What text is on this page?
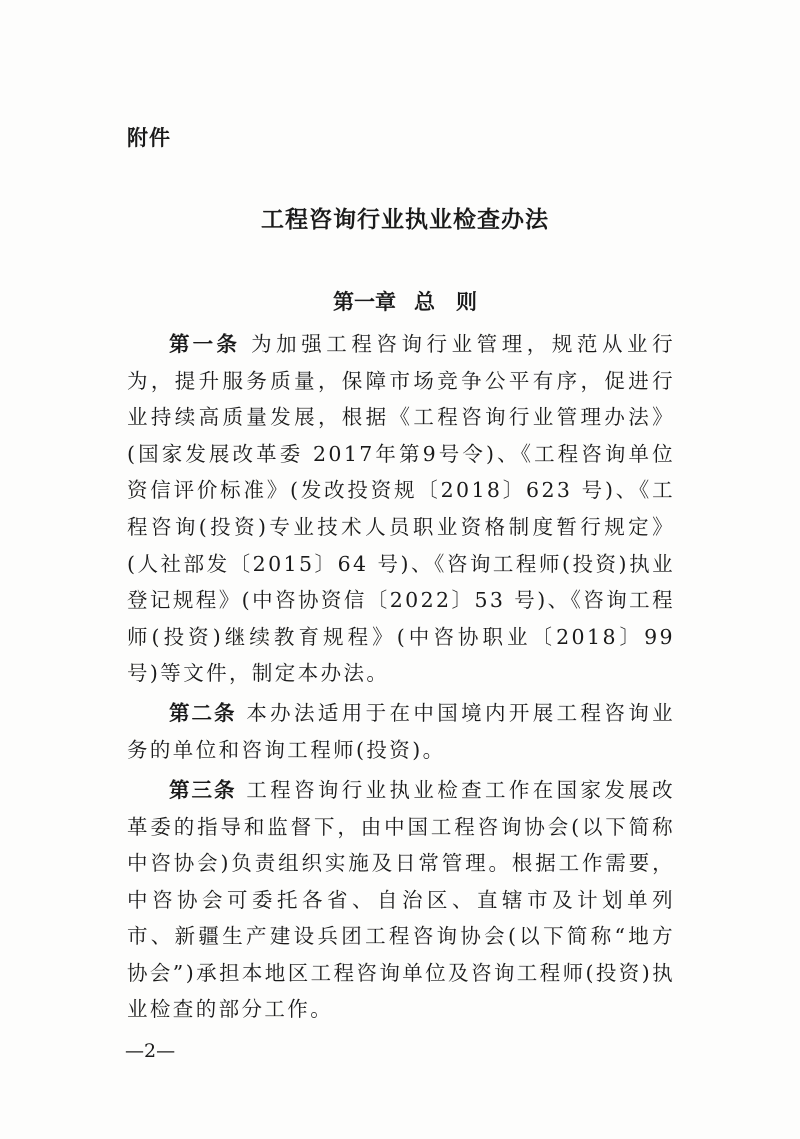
附件
工程咨询行业执业检查办法
第一章 总　则

第一条 为加强工程咨询行业管理，规范从业行为，提升服务质量，保障市场竞争公平有序，促进行业持续高质量发展，根据《工程咨询行业管理办法》(国家发展改革委 2017年第9号令)、《工程咨询单位资信评价标准》(发改投资规〔2018〕623 号)、《工程咨询(投资)专业技术人员职业资格制度暂行规定》(人社部发〔2015〕64 号)、《咨询工程师(投资)执业登记规程》(中咨协资信〔2022〕53 号)、《咨询工程师(投资)继续教育规程》(中咨协职业〔2018〕99 号)等文件，制定本办法。

第二条 本办法适用于在中国境内开展工程咨询业务的单位和咨询工程师(投资)。

第三条 工程咨询行业执业检查工作在国家发展改革委的指导和监督下，由中国工程咨询协会(以下简称中咨协会)负责组织实施及日常管理。根据工作需要，中咨协会可委托各省、自治区、直辖市及计划单列市、新疆生产建设兵团工程咨询协会(以下简称“地方协会”)承担本地区工程咨询单位及咨询工程师(投资)执业检查的部分工作。

—2—
